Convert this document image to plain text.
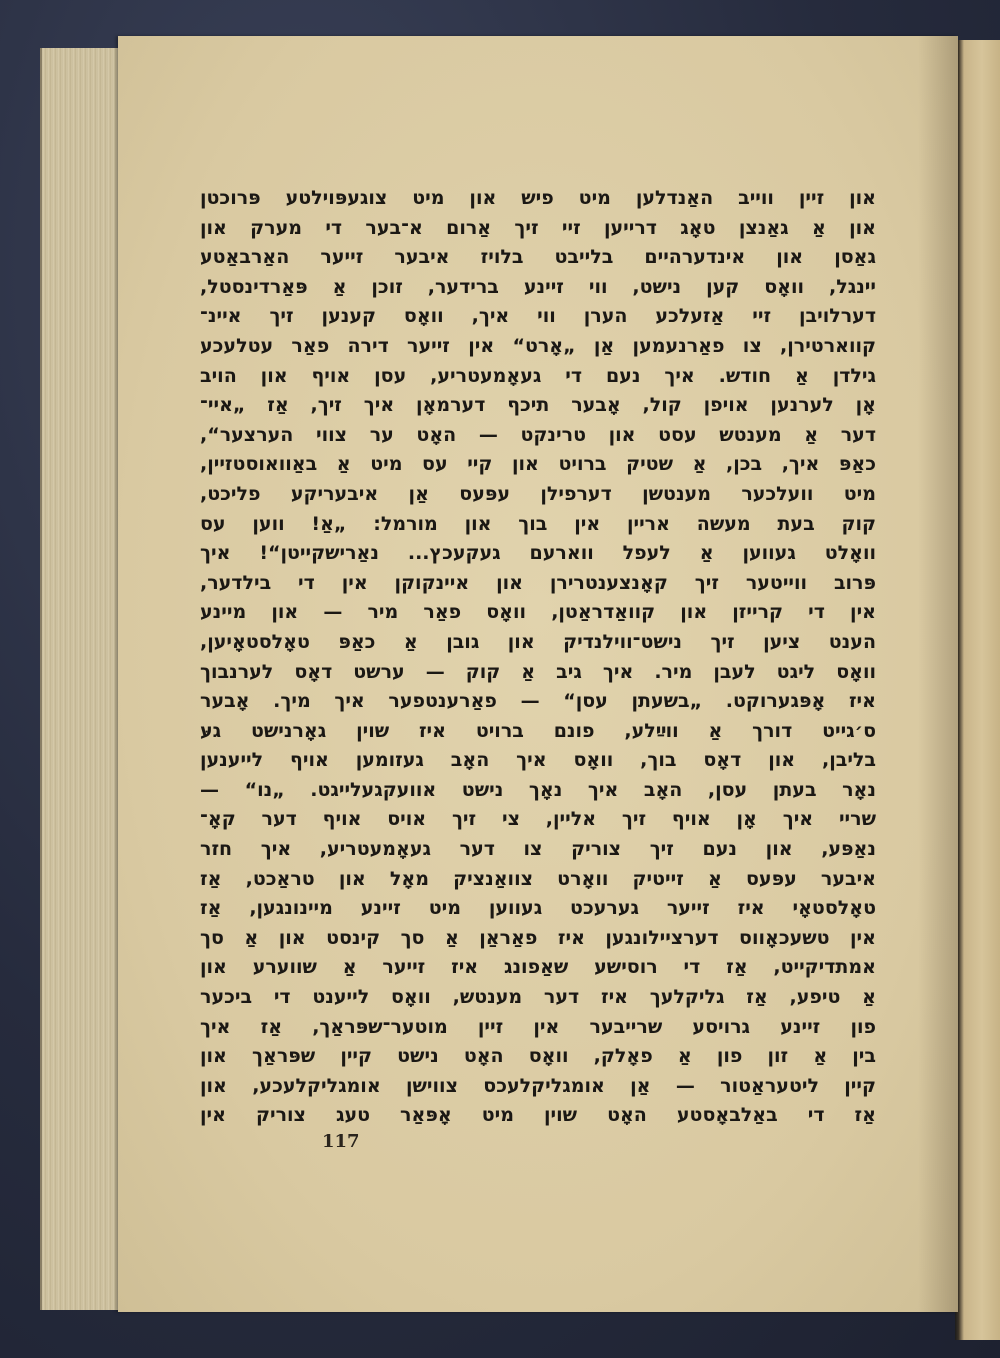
און זיין ווייב האַנדלען מיט פיש און מיט צוגעפּוילטע פּרוכטן
און אַ גאַנצן טאָג דרייען זיי זיך אַרום א־בער די מערק און
גאַסן און אינדערהיים בלייבט בלויז איבער זייער האַרבאַטע
יינגל, וואָס קען נישט, ווי זיינע ברידער, זוכן אַ פּאַרדינסטל,
דערלויבן זיי אַזעלכע הערן ווי איך, וואָס קענען זיך איינ־
קווארטירן, צו פאַרנעמען אַן „אָרט“ אין זייער דירה פאַר עטלעכע
גילדן אַ חודש. איך נעם די געאָמעטריע, עסן אויף און הויב
אָן לערנען אויפן קול, אָבער תיכף דערמאָן איך זיך, אַז „איי־
דער אַ מענטש עסט און טרינקט — האָט ער צווי הערצער“,
כאַפּ איך, בכן, אַ שטיק ברויט און קיי עס מיט אַ באַוואוסטזיין,
מיט וועלכער מענטשן דערפילן עפּעס אַן איבעריקע פליכט,
קוק בעת מעשה אריין אין בוך און מורמל: „אַ! ווען עס
וואָלט געווען אַ לעפל ווארעם געקעכץ... נאַרישקייטן“! איך
פּרוב ווייטער זיך קאָנצענטרירן און איינקוקן אין די בילדער,
אין די קרייזן און קוואַדראַטן, וואָס פאַר מיר — און מיינע
הענט ציען זיך נישט־ווילנדיק און גובן אַ כאַפּ טאָלסטאָיען,
וואָס ליגט לעבן מיר. איך גיב אַ קוק — ערשט דאָס לערנבוך
איז אָפּגערוקט. „בשעתן עסן“ — פאַרענטפער איך מיך. אָבער
ס׳גייט דורך אַ ווײַלע, פונם ברויט איז שוין גאָרנישט געּ
בליבן, און דאָס בוך, וואָס איך האָב געזומען אויף לייענען
נאָר בעתן עסן, האָב איך נאָך נישט אוועקגעלייגט. „נו“ —
שריי איך אָן אויף זיך אליין, צי זיך אויס אויף דער קאָ־
נאַפּע, און נעם זיך צוריק צו דער געאָמעטריע, איך חזר
איבער עפּעס אַ זייטיק וואָרט צוואַנציק מאָל און טראַכט, אַז
טאָלסטאָי איז זייער גערעכט געווען מיט זיינע מיינונגען, אַז
אין טשעכאָווס דערציילונגען איז פאַראַן אַ סך קינסט און אַ סך
אמתדיקייט, אַז די רוסישע שאַפונג איז זייער אַ שווערע און
אַ טיפע, אַז גליקלעך איז דער מענטש, וואָס לייענט די ביכער
פון זיינע גרויסע שרייבער אין זיין מוטער־שפּראַך, אַז איך
בין אַ זון פון אַ פאָלק, וואָס האָט נישט קיין שפּראַך און
קיין ליטעראַטור — אַן אומגליקלעכס צווישן אומגליקלעכע, און
אַז די באַלבאָסטע האָט שוין מיט אָפּאַר טעג צוריק אין
117
